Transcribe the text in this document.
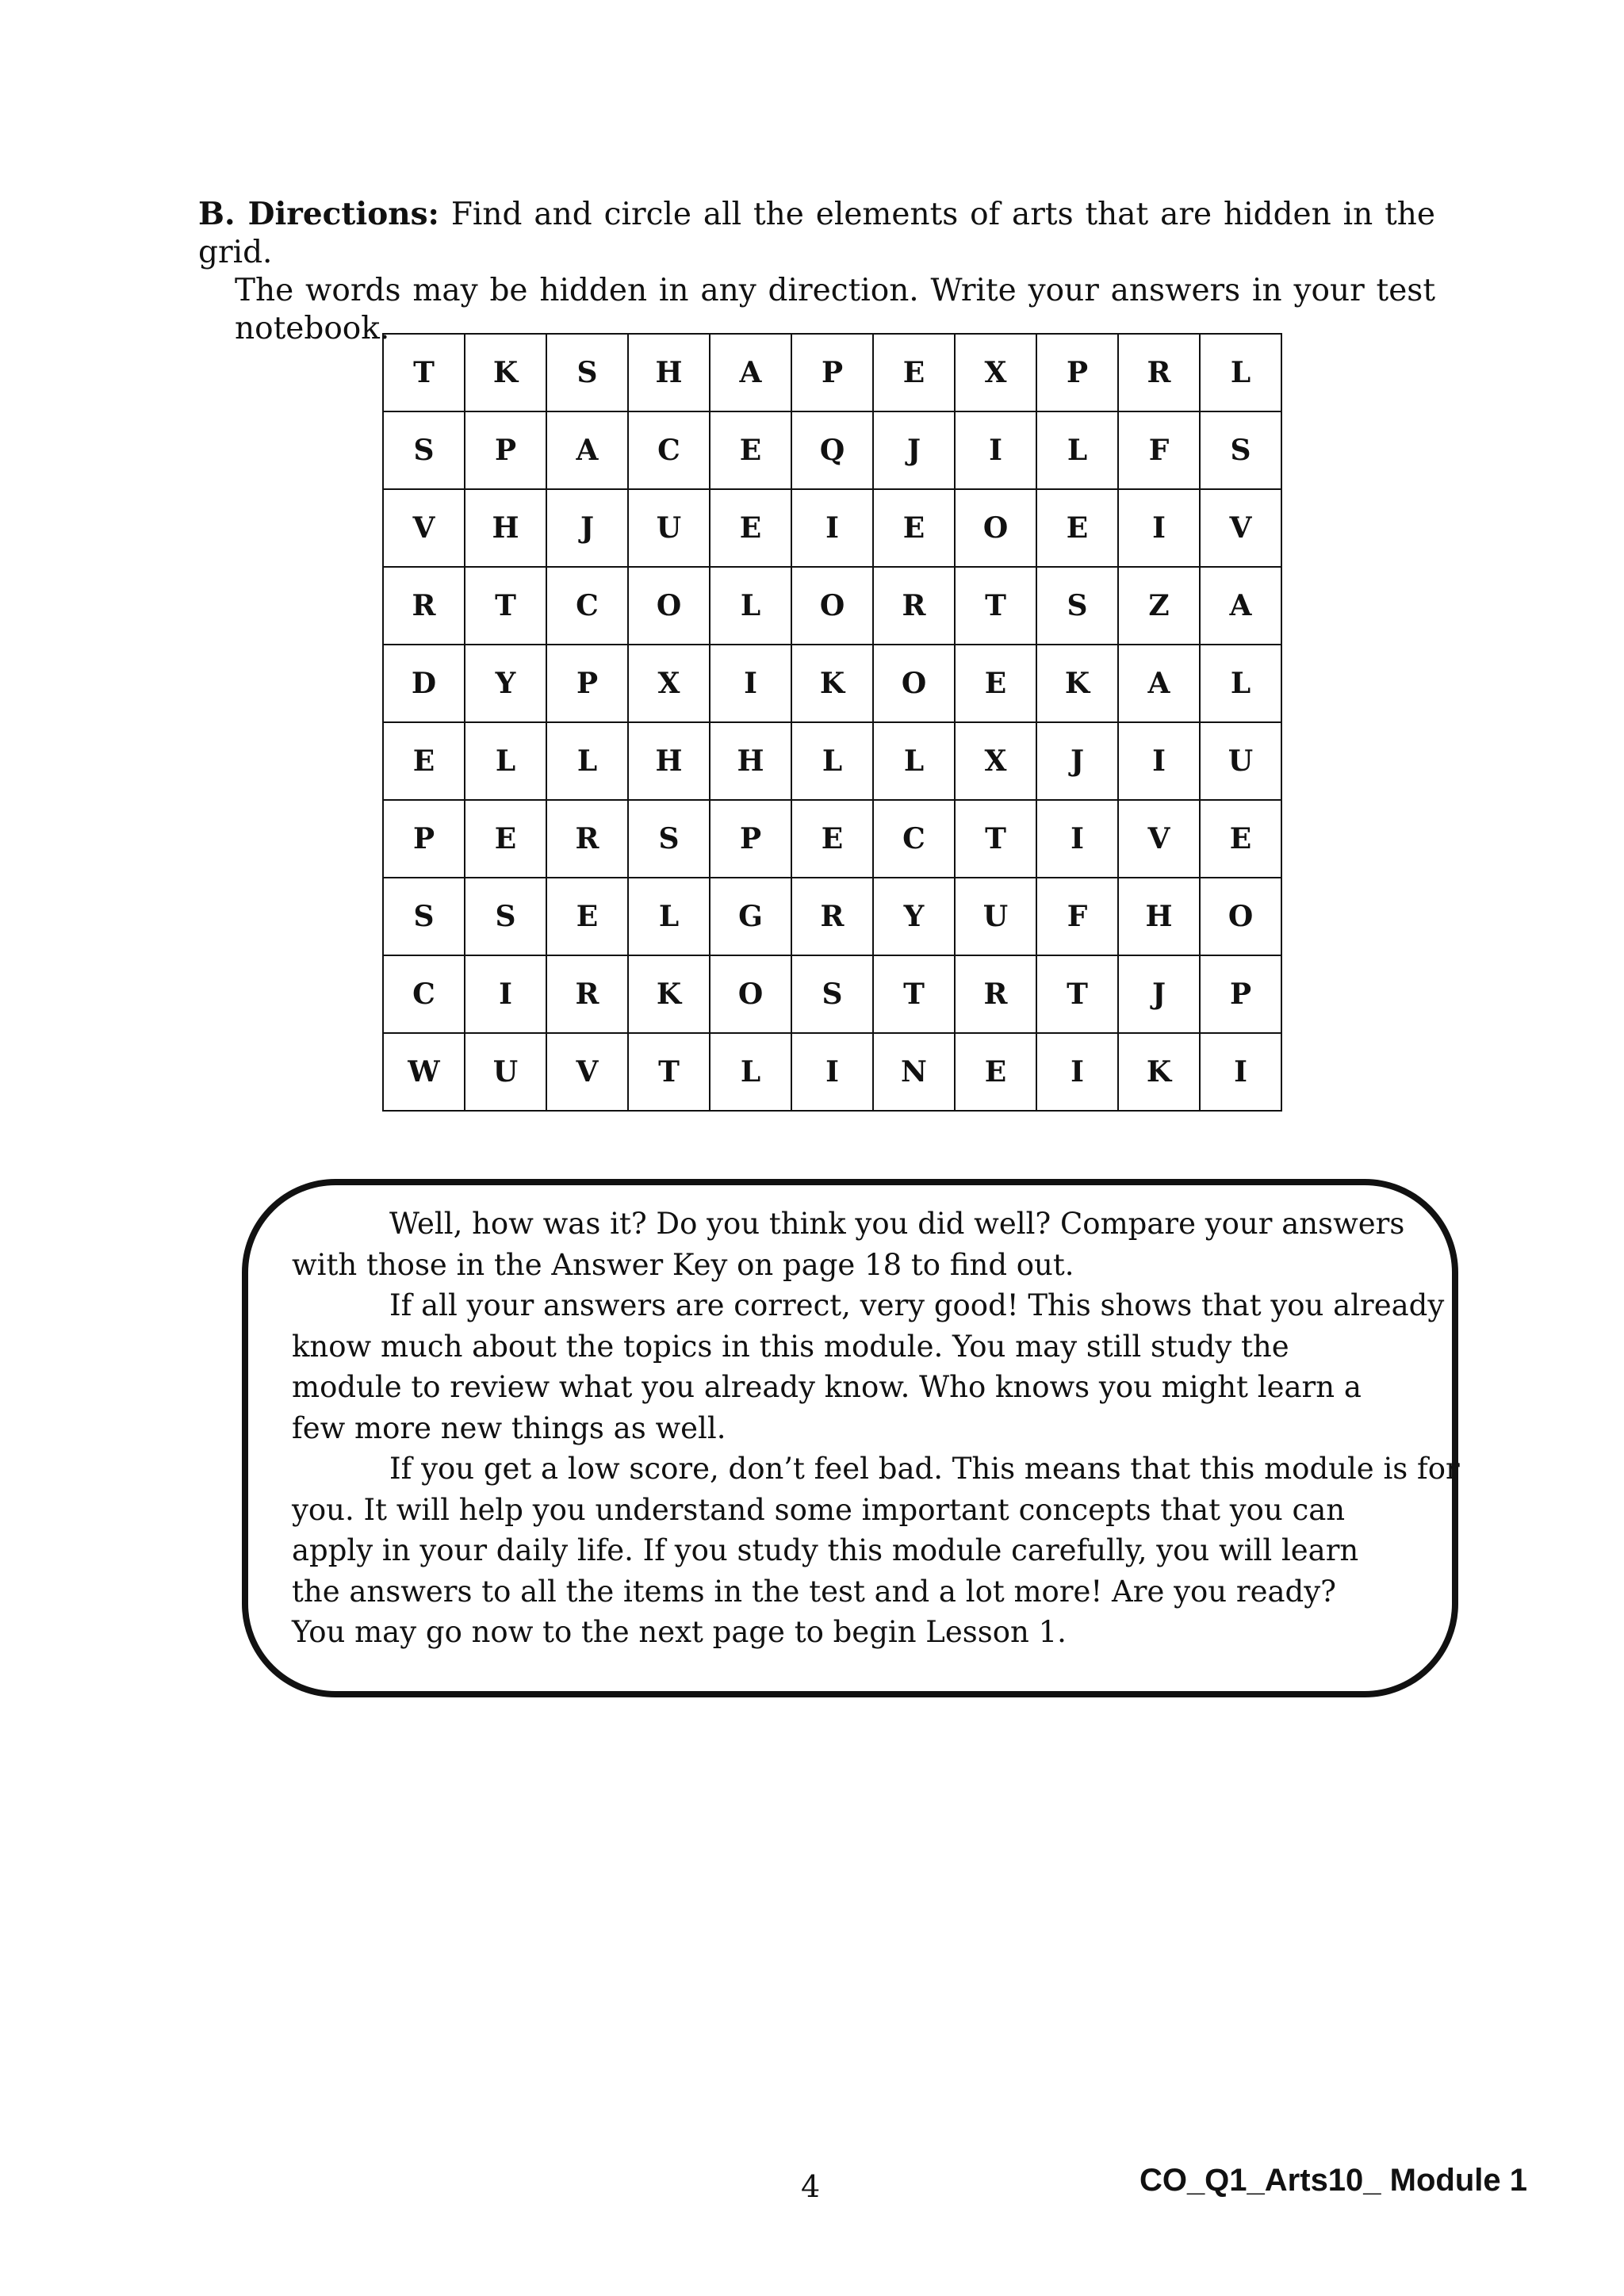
B. Directions: Find and circle all the elements of arts that are hidden in the grid.
The words may be hidden in any direction. Write your answers in your test
notebook.
T	K	S	H	A	P	E	X	P	R	L
S	P	A	C	E	Q	J	I	L	F	S
V	H	J	U	E	I	E	O	E	I	V
R	T	C	O	L	O	R	T	S	Z	A
D	Y	P	X	I	K	O	E	K	A	L
E	L	L	H	H	L	L	X	J	I	U
P	E	R	S	P	E	C	T	I	V	E
S	S	E	L	G	R	Y	U	F	H	O
C	I	R	K	O	S	T	R	T	J	P
W	U	V	T	L	I	N	E	I	K	I
Well, how was it? Do you think you did well? Compare your answers
with those in the Answer Key on page 18 to find out.
If all your answers are correct, very good! This shows that you already
know much about the topics in this module. You may still study the
module to review what you already know. Who knows you might learn a
few more new things as well.
If you get a low score, don’t feel bad. This means that this module is for
you. It will help you understand some important concepts that you can
apply in your daily life. If you study this module carefully, you will learn
the answers to all the items in the test and a lot more! Are you ready?
You may go now to the next page to begin Lesson 1.
4	CO_Q1_Arts10_ Module 1
